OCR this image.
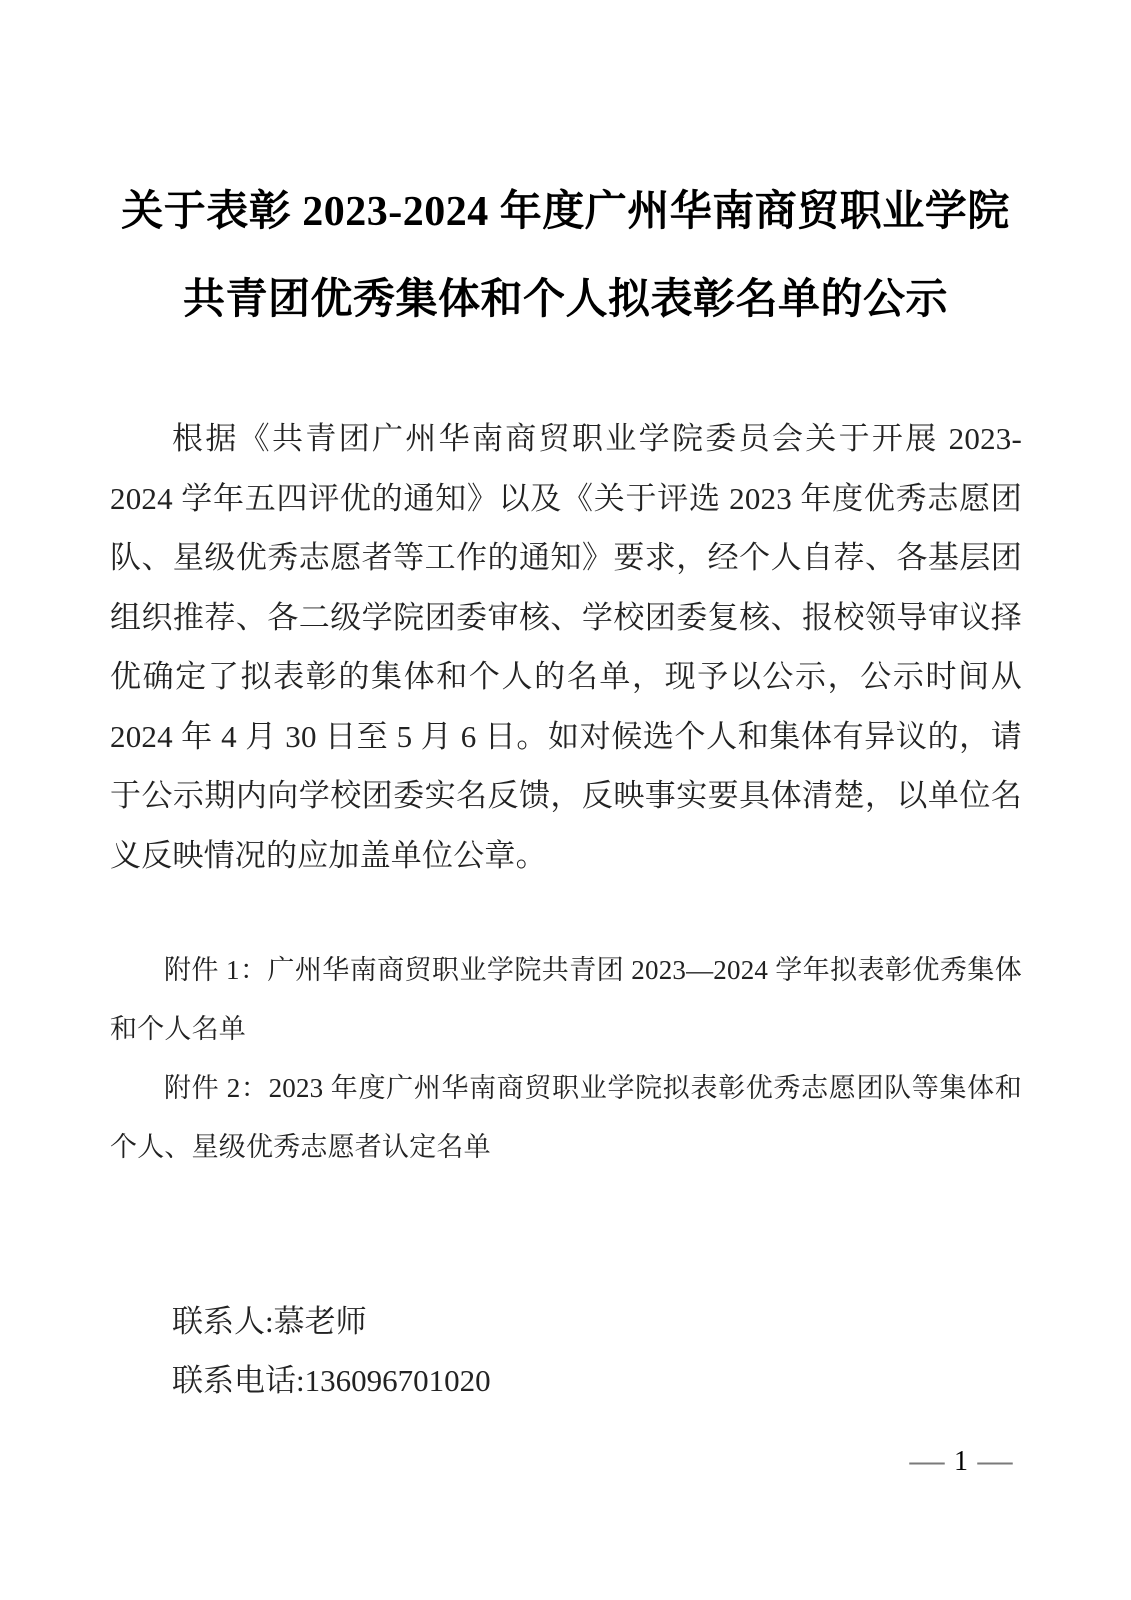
关于表彰 2023-2024 年度广州华南商贸职业学院
共青团优秀集体和个人拟表彰名单的公示

根据《共青团广州华南商贸职业学院委员会关于开展 2023-2024 学年五四评优的通知》以及《关于评选 2023 年度优秀志愿团队、星级优秀志愿者等工作的通知》要求，经个人自荐、各基层团组织推荐、各二级学院团委审核、学校团委复核、报校领导审议择优确定了拟表彰的集体和个人的名单，现予以公示，公示时间从 2024 年 4 月 30 日至 5 月 6 日。如对候选个人和集体有异议的，请于公示期内向学校团委实名反馈，反映事实要具体清楚，以单位名义反映情况的应加盖单位公章。

附件 1：广州华南商贸职业学院共青团 2023—2024 学年拟表彰优秀集体和个人名单

附件 2：2023 年度广州华南商贸职业学院拟表彰优秀志愿团队等集体和个人、星级优秀志愿者认定名单

联系人:慕老师

联系电话:136096701020

— 1 —
